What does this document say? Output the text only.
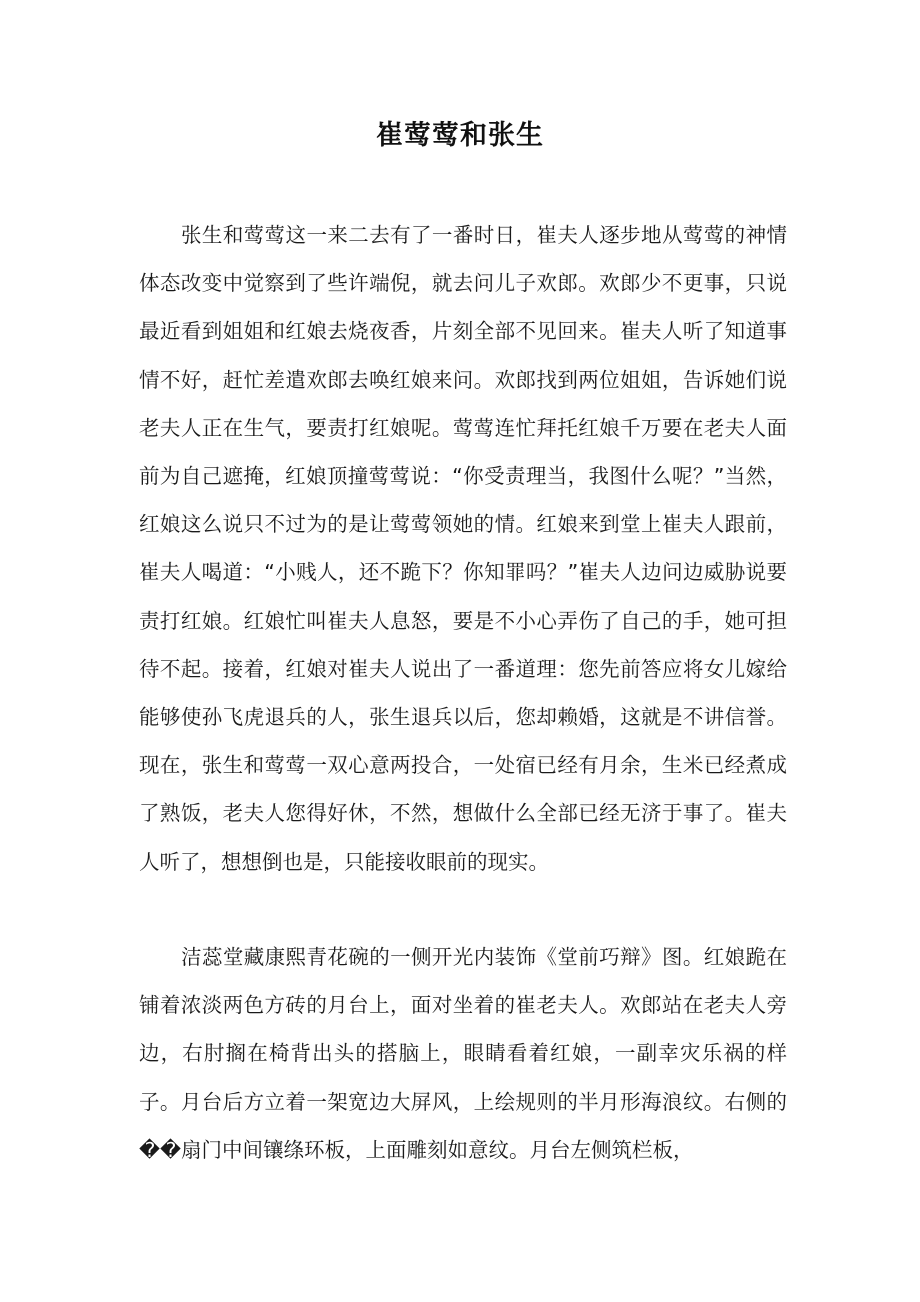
崔莺莺和张生

张生和莺莺这一来二去有了一番时日，崔夫人逐步地从莺莺的神情体态改变中觉察到了些许端倪，就去问儿子欢郎。欢郎少不更事，只说最近看到姐姐和红娘去烧夜香，片刻全部不见回来。崔夫人听了知道事情不好，赶忙差遣欢郎去唤红娘来问。欢郎找到两位姐姐，告诉她们说老夫人正在生气，要责打红娘呢。莺莺连忙拜托红娘千万要在老夫人面前为自己遮掩，红娘顶撞莺莺说：“你受责理当，我图什么呢？”当然，红娘这么说只不过为的是让莺莺领她的情。红娘来到堂上崔夫人跟前，崔夫人喝道：“小贱人，还不跪下？你知罪吗？”崔夫人边问边威胁说要责打红娘。红娘忙叫崔夫人息怒，要是不小心弄伤了自己的手，她可担待不起。接着，红娘对崔夫人说出了一番道理：您先前答应将女儿嫁给能够使孙飞虎退兵的人，张生退兵以后，您却赖婚，这就是不讲信誉。现在，张生和莺莺一双心意两投合，一处宿已经有月余，生米已经煮成了熟饭，老夫人您得好休，不然，想做什么全部已经无济于事了。崔夫人听了，想想倒也是，只能接收眼前的现实。

洁蕊堂藏康熙青花碗的一侧开光内装饰《堂前巧辩》图。红娘跪在铺着浓淡两色方砖的月台上，面对坐着的崔老夫人。欢郎站在老夫人旁边，右肘搁在椅背出头的搭脑上，眼睛看着红娘，一副幸灾乐祸的样子。月台后方立着一架宽边大屏风，上绘规则的半月形海浪纹。右侧的��扇门中间镶绦环板，上面雕刻如意纹。月台左侧筑栏板，
